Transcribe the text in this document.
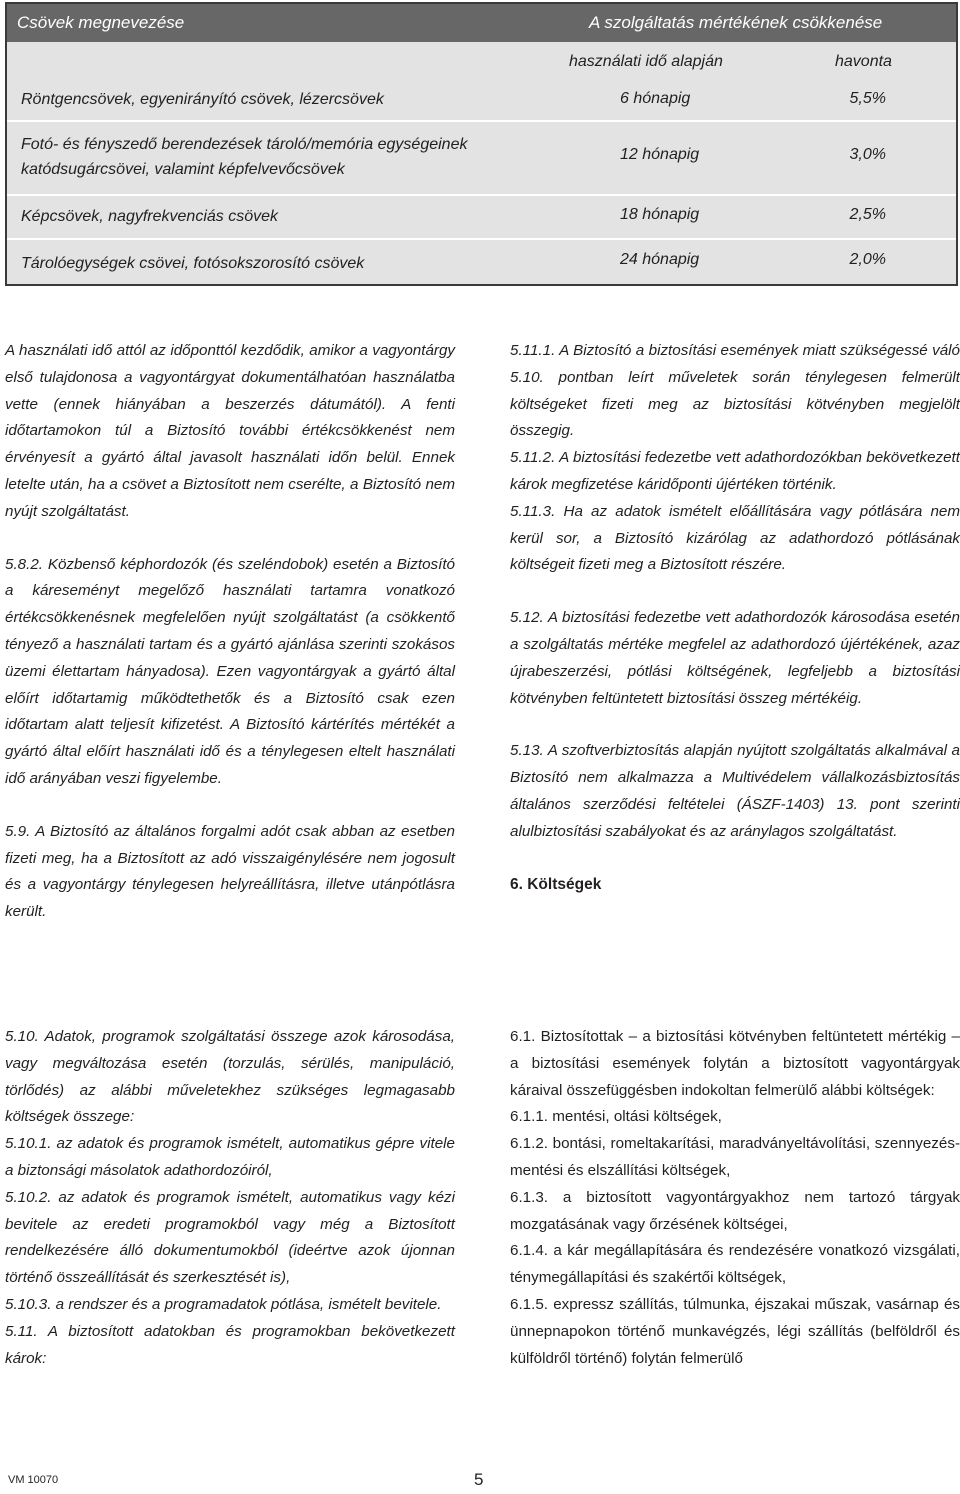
Csövek megnevezése	A szolgáltatás mértékének csökkenése
használati idő alapján	havonta
Röntgencsövek, egyenirányító csövek, lézercsövek	6 hónapig	5,5%
Fotó- és fényszedő berendezések tároló/memória egységeinek
katódsugárcsövei, valamint képfelvevőcsövek
12 hónapig	3,0%
Képcsövek, nagyfrekvenciás csövek	18 hónapig	2,5%
Tárolóegységek csövei, fotósokszorosító csövek	24 hónapig	2,0%

A használati idő attól az időponttól kezdődik, amikor a vagyontárgy első tulajdonosa a vagyontárgyat dokumentálhatóan használatba vette (ennek hiányában a beszerzés dátumától). A fenti időtartamokon túl a Biztosító további értékcsökkenést nem érvényesít a gyártó által javasolt használati időn belül. Ennek letelte után, ha a csövet a Biztosított nem cserélte, a Biztosító nem nyújt szolgáltatást.

5.8.2. Közbenső képhordozók (és szeléndobok) esetén a Biztosító a káreseményt megelőző használati tartamra vonatkozó értékcsökkenésnek megfelelően nyújt szolgáltatást (a csökkentő tényező a használati tartam és a gyártó ajánlása szerinti szokásos üzemi élettartam hányadosa). Ezen vagyontárgyak a gyártó által előírt időtartamig működtethetők és a Biztosító csak ezen időtartam alatt teljesít kifizetést. A Biztosító kártérítés mértékét a gyártó által előírt használati idő és a ténylegesen eltelt használati idő arányában veszi figyelembe.

5.9. A Biztosító az általános forgalmi adót csak abban az esetben fizeti meg, ha a Biztosított az adó visszaigénylésére nem jogosult és a vagyontárgy ténylegesen helyreállításra, illetve utánpótlásra került.

5.11.1. A Biztosító a biztosítási események miatt szükségessé váló 5.10. pontban leírt műveletek során ténylegesen felmerült költségeket fizeti meg az biztosítási kötvényben megjelölt összegig.

5.11.2. A biztosítási fedezetbe vett adathordozókban bekövetkezett károk megfizetése káridőponti újértéken történik.

5.11.3. Ha az adatok ismételt előállítására vagy pótlására nem kerül sor, a Biztosító kizárólag az adathordozó pótlásának költségeit fizeti meg a Biztosított részére.

5.12. A biztosítási fedezetbe vett adathordozók károsodása esetén a szolgáltatás mértéke megfelel az adathordozó újértékének, azaz újrabeszerzési, pótlási költségének, legfeljebb a biztosítási kötvényben feltüntetett biztosítási összeg mértékéig.

5.13. A szoftverbiztosítás alapján nyújtott szolgáltatás alkalmával a Biztosító nem alkalmazza a Multivédelem vállalkozásbiztosítás általános szerződési feltételei (ÁSZF-1403) 13. pont szerinti alulbiztosítási szabályokat és az aránylagos szolgáltatást.

6. Költségek

5.10. Adatok, programok szolgáltatási összege azok károsodása, vagy megváltozása esetén (torzulás, sérülés, manipuláció, törlődés) az alábbi műveletekhez szükséges legmagasabb költségek összege:

5.10.1. az adatok és programok ismételt, automatikus gépre vitele a biztonsági másolatok adathordozóiról,

5.10.2. az adatok és programok ismételt, automatikus vagy kézi bevitele az eredeti programokból vagy még a Biztosított rendelkezésére álló dokumentumokból (ideértve azok újonnan történő összeállítását és szerkesztését is),

5.10.3. a rendszer és a programadatok pótlása, ismételt bevitele.

5.11. A biztosított adatokban és programokban bekövetkezett károk:

6.1. Biztosítottak – a biztosítási kötvényben feltüntetett mértékig – a biztosítási események folytán a biztosított vagyontárgyak káraival összefüggésben indokoltan felmerülő alábbi költségek:

6.1.1. mentési, oltási költségek,

6.1.2. bontási, romeltakarítási, maradványeltávolítási, szennyezés-mentési és elszállítási költségek,

6.1.3. a biztosított vagyontárgyakhoz nem tartozó tárgyak mozgatásának vagy őrzésének költségei,

6.1.4. a kár megállapítására és rendezésére vonatkozó vizsgálati, ténymegállapítási és szakértői költségek,

6.1.5. expressz szállítás, túlmunka, éjszakai műszak, vasárnap és ünnepnapokon történő munkavégzés, légi szállítás (belföldről és külföldről történő) folytán felmerülő

VM 10070	5
